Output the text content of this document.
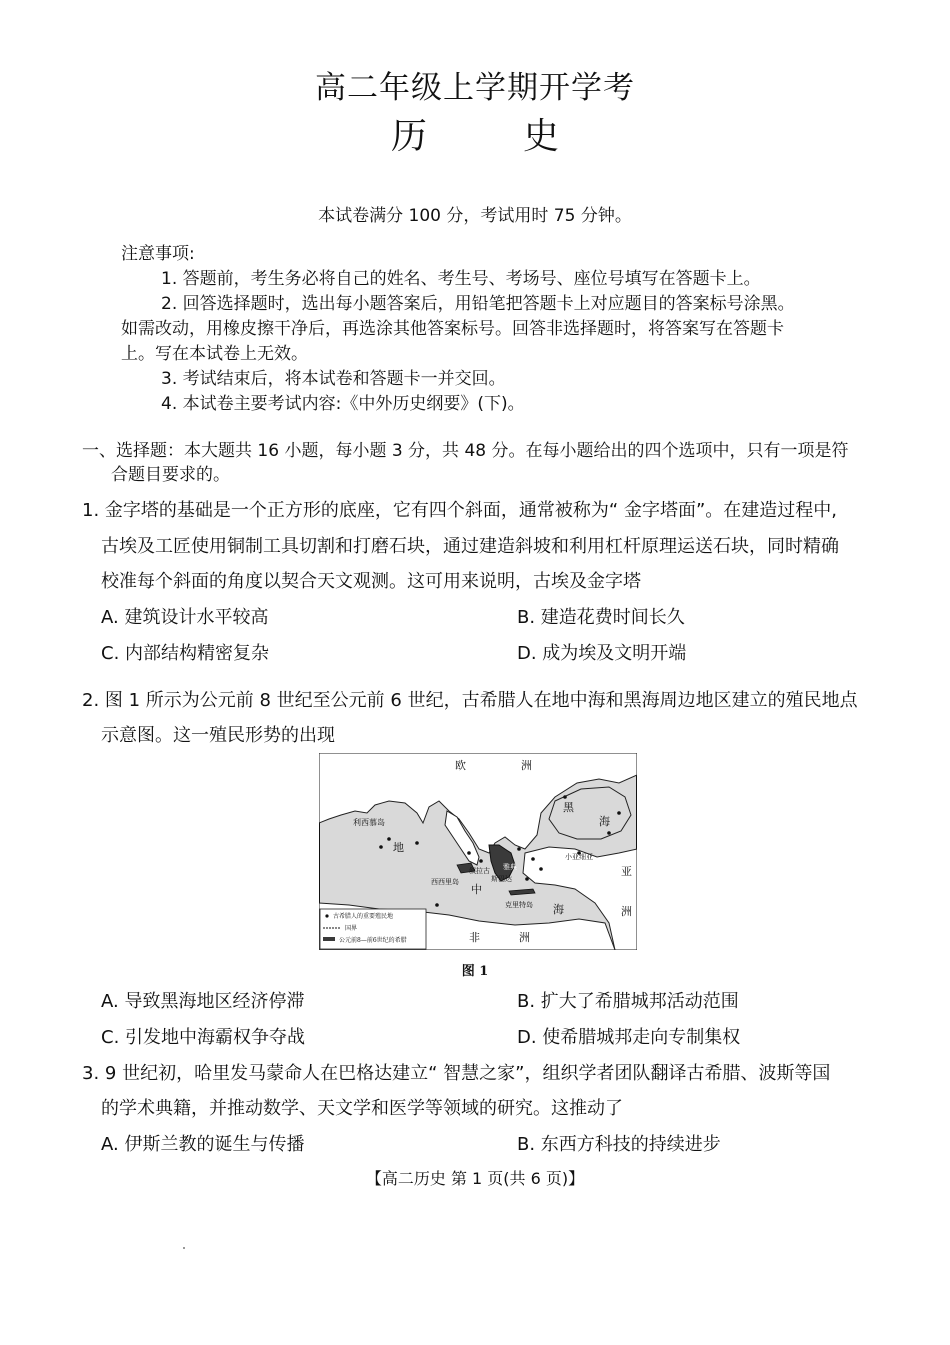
高二年级上学期开学考
历	史
本试卷满分 100 分，考试用时 75 分钟。
注意事项:
1. 答题前，考生务必将自己的姓名、考生号、考场号、座位号填写在答题卡上。
2. 回答选择题时，选出每小题答案后，用铅笔把答题卡上对应题目的答案标号涂黑。
如需改动，用橡皮擦干净后，再选涂其他答案标号。回答非选择题时，将答案写在答题卡
上。写在本试卷上无效。
3. 考试结束后，将本试卷和答题卡一并交回。
4. 本试卷主要考试内容:《中外历史纲要》(下)。
一、选择题：本大题共 16 小题，每小题 3 分，共 48 分。在每小题给出的四个选项中，只有一项是符
合题目要求的。
1. 金字塔的基础是一个正方形的底座，它有四个斜面，通常被称为“ 金字塔面”。在建造过程中,
古埃及工匠使用铜制工具切割和打磨石块，通过建造斜坡和利用杠杆原理运送石块，同时精确
校准每个斜面的角度以契合天文观测。这可用来说明，古埃及金字塔
A. 建筑设计水平较高	B. 建造花费时间长久
C. 内部结构精密复杂	D. 成为埃及文明开端
2. 图 1 所示为公元前 8 世纪至公元前 6 世纪，古希腊人在地中海和黑海周边地区建立的殖民地点
示意图。这一殖民形势的出现
欧	洲
黑
海
利西慕岛
地
中
海
叙拉古
西西里岛	斯巴达
雅典
克里特岛
小亚细亚
亚
洲
非	洲
古希腊人的重要殖民地
国界
公元前8—前6世纪的希腊
图 1
A. 导致黑海地区经济停滞	B. 扩大了希腊城邦活动范围
C. 引发地中海霸权争夺战	D. 使希腊城邦走向专制集权
3. 9 世纪初，哈里发马蒙命人在巴格达建立“ 智慧之家”，组织学者团队翻译古希腊、波斯等国
的学术典籍，并推动数学、天文学和医学等领域的研究。这推动了
A. 伊斯兰教的诞生与传播	B. 东西方科技的持续进步
【高二历史 第 1 页(共 6 页)】
